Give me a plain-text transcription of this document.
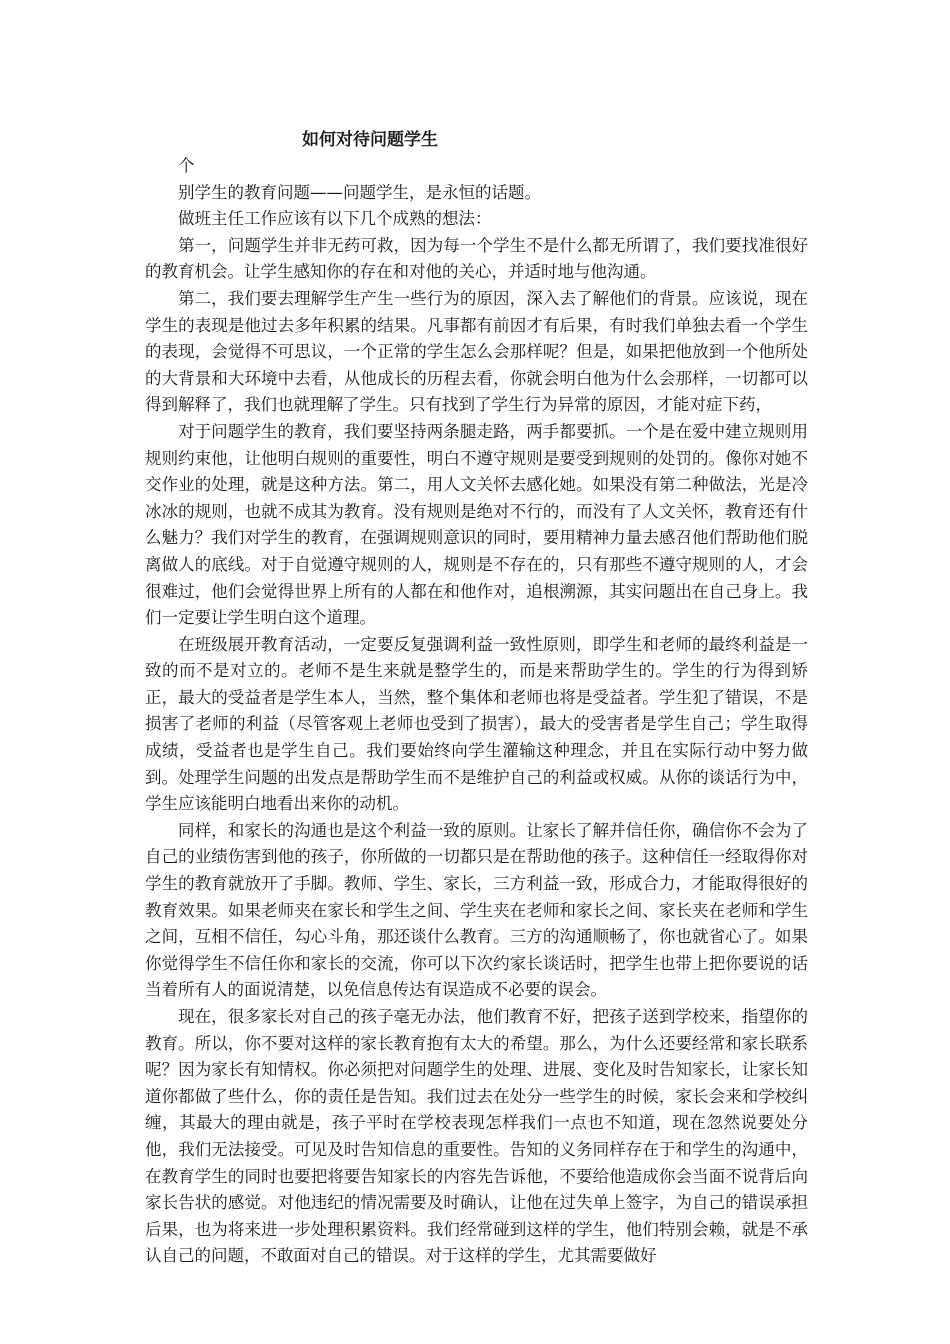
如何对待问题学生

个

别学生的教育问题——问题学生，是永恒的话题。

做班主任工作应该有以下几个成熟的想法：

第一，问题学生并非无药可救，因为每一个学生不是什么都无所谓了，我们要找准很好的教育机会。让学生感知你的存在和对他的关心，并适时地与他沟通。

第二，我们要去理解学生产生一些行为的原因，深入去了解他们的背景。应该说，现在学生的表现是他过去多年积累的结果。凡事都有前因才有后果，有时我们单独去看一个学生的表现，会觉得不可思议，一个正常的学生怎么会那样呢？但是，如果把他放到一个他所处的大背景和大环境中去看，从他成长的历程去看，你就会明白他为什么会那样，一切都可以得到解释了，我们也就理解了学生。只有找到了学生行为异常的原因，才能对症下药，

对于问题学生的教育，我们要坚持两条腿走路，两手都要抓。一个是在爱中建立规则用规则约束他，让他明白规则的重要性，明白不遵守规则是要受到规则的处罚的。像你对她不交作业的处理，就是这种方法。第二，用人文关怀去感化她。如果没有第二种做法，光是冷冰冰的规则，也就不成其为教育。没有规则是绝对不行的，而没有了人文关怀，教育还有什么魅力？我们对学生的教育，在强调规则意识的同时，要用精神力量去感召他们帮助他们脱离做人的底线。对于自觉遵守规则的人，规则是不存在的，只有那些不遵守规则的人，才会很难过，他们会觉得世界上所有的人都在和他作对，追根溯源，其实问题出在自己身上。我们一定要让学生明白这个道理。

在班级展开教育活动，一定要反复强调利益一致性原则，即学生和老师的最终利益是一致的而不是对立的。老师不是生来就是整学生的，而是来帮助学生的。学生的行为得到矫正，最大的受益者是学生本人，当然，整个集体和老师也将是受益者。学生犯了错误，不是损害了老师的利益（尽管客观上老师也受到了损害），最大的受害者是学生自己；学生取得成绩，受益者也是学生自己。我们要始终向学生灌输这种理念，并且在实际行动中努力做到。处理学生问题的出发点是帮助学生而不是维护自己的利益或权威。从你的谈话行为中，学生应该能明白地看出来你的动机。

同样，和家长的沟通也是这个利益一致的原则。让家长了解并信任你，确信你不会为了自己的业绩伤害到他的孩子，你所做的一切都只是在帮助他的孩子。这种信任一经取得你对学生的教育就放开了手脚。教师、学生、家长，三方利益一致，形成合力，才能取得很好的教育效果。如果老师夹在家长和学生之间、学生夹在老师和家长之间、家长夹在老师和学生之间，互相不信任，勾心斗角，那还谈什么教育。三方的沟通顺畅了，你也就省心了。如果你觉得学生不信任你和家长的交流，你可以下次约家长谈话时，把学生也带上把你要说的话当着所有人的面说清楚，以免信息传达有误造成不必要的误会。

现在，很多家长对自己的孩子毫无办法，他们教育不好，把孩子送到学校来，指望你的教育。所以，你不要对这样的家长教育抱有太大的希望。那么，为什么还要经常和家长联系呢？因为家长有知情权。你必须把对问题学生的处理、进展、变化及时告知家长，让家长知道你都做了些什么，你的责任是告知。我们过去在处分一些学生的时候，家长会来和学校纠缠，其最大的理由就是，孩子平时在学校表现怎样我们一点也不知道，现在忽然说要处分他，我们无法接受。可见及时告知信息的重要性。告知的义务同样存在于和学生的沟通中，在教育学生的同时也要把将要告知家长的内容先告诉他，不要给他造成你会当面不说背后向家长告状的感觉。对他违纪的情况需要及时确认，让他在过失单上签字，为自己的错误承担后果，也为将来进一步处理积累资料。我们经常碰到这样的学生，他们特别会赖，就是不承认自己的问题，不敢面对自己的错误。对于这样的学生，尤其需要做好
